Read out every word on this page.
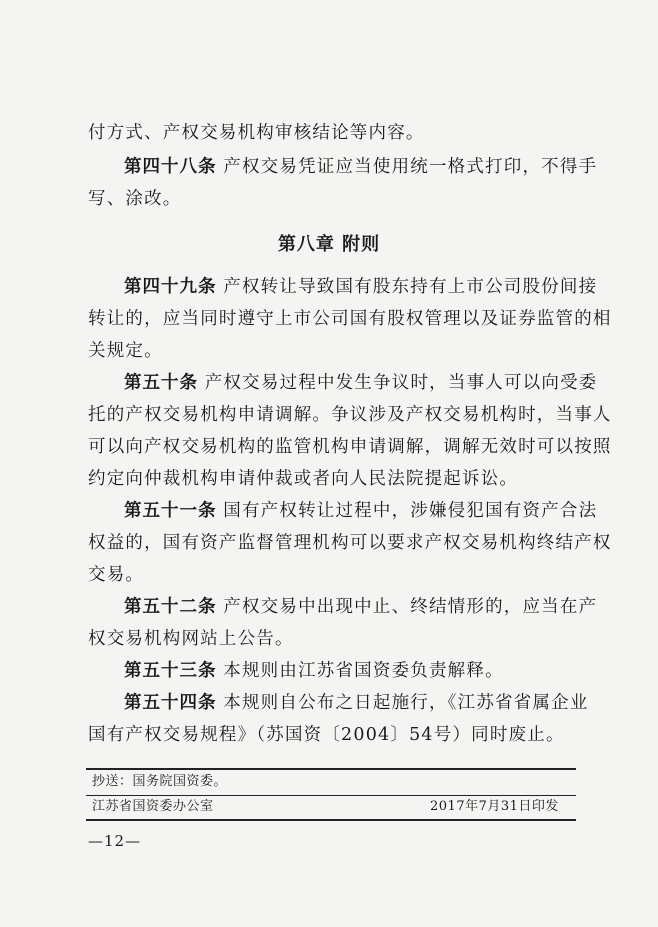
付方式、产权交易机构审核结论等内容。
第四十八条 产权交易凭证应当使用统一格式打印，不得手
写、涂改。
第八章 附则
第四十九条 产权转让导致国有股东持有上市公司股份间接
转让的，应当同时遵守上市公司国有股权管理以及证券监管的相
关规定。
第五十条 产权交易过程中发生争议时，当事人可以向受委
托的产权交易机构申请调解。争议涉及产权交易机构时，当事人
可以向产权交易机构的监管机构申请调解，调解无效时可以按照
约定向仲裁机构申请仲裁或者向人民法院提起诉讼。
第五十一条 国有产权转让过程中，涉嫌侵犯国有资产合法
权益的，国有资产监督管理机构可以要求产权交易机构终结产权
交易。
第五十二条 产权交易中出现中止、终结情形的，应当在产
权交易机构网站上公告。
第五十三条 本规则由江苏省国资委负责解释。
第五十四条 本规则自公布之日起施行，《江苏省省属企业
国有产权交易规程》（苏国资〔2004〕54号）同时废止。
抄送：国务院国资委。
江苏省国资委办公室	2017年7月31日印发
—12—
